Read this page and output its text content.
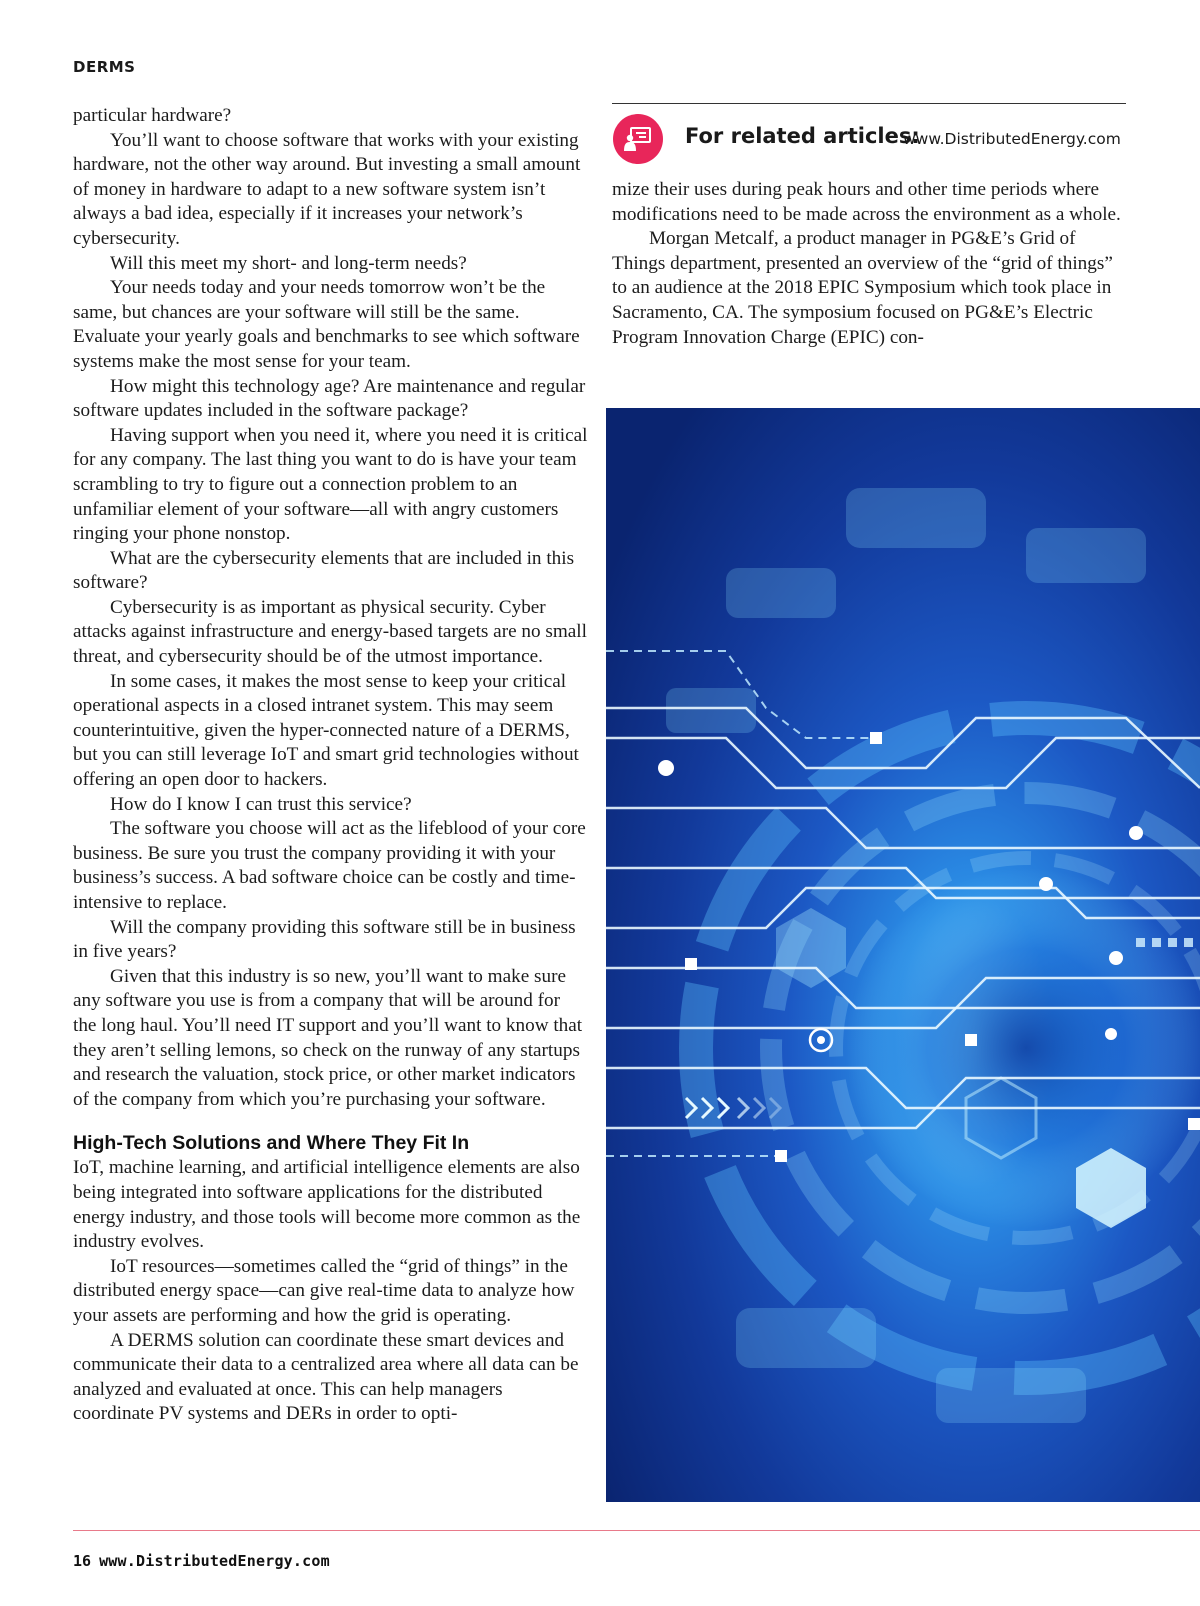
DERMS

particular hardware?

You’ll want to choose software that works with your existing hardware, not the other way around. But investing a small amount of money in hardware to adapt to a new software system isn’t always a bad idea, especially if it increases your network’s cybersecurity.

Will this meet my short- and long-term needs?

Your needs today and your needs tomorrow won’t be the same, but chances are your software will still be the same. Evaluate your yearly goals and benchmarks to see which software systems make the most sense for your team.

How might this technology age? Are maintenance and regular software updates included in the software package?

Having support when you need it, where you need it is critical for any company. The last thing you want to do is have your team scrambling to try to figure out a connection problem to an unfamiliar element of your software—all with angry customers ringing your phone nonstop.

What are the cybersecurity elements that are included in this software?

Cybersecurity is as important as physical security. Cyber attacks against infrastructure and energy-based targets are no small threat, and cybersecurity should be of the utmost importance.

In some cases, it makes the most sense to keep your critical operational aspects in a closed intranet system. This may seem counterintuitive, given the hyper-connected nature of a DERMS, but you can still leverage IoT and smart grid technologies without offering an open door to hackers.

How do I know I can trust this service?

The software you choose will act as the lifeblood of your core business. Be sure you trust the company providing it with your business’s success. A bad software choice can be costly and time-intensive to replace.

Will the company providing this software still be in business in five years?

Given that this industry is so new, you’ll want to make sure any software you use is from a company that will be around for the long haul. You’ll need IT support and you’ll want to know that they aren’t selling lemons, so check on the runway of any startups and research the valuation, stock price, or other market indicators of the company from which you’re purchasing your software.

High-Tech Solutions and Where They Fit In

IoT, machine learning, and artificial intelligence elements are also being integrated into software applications for the distributed energy industry, and those tools will become more common as the industry evolves.

IoT resources—sometimes called the “grid of things” in the distributed energy space—can give real-time data to analyze how your assets are performing and how the grid is operating.

A DERMS solution can coordinate these smart devices and communicate their data to a centralized area where all data can be analyzed and evaluated at once. This can help managers coordinate PV systems and DERs in order to opti-

For related articles:
www.DistributedEnergy.com

mize their uses during peak hours and other time periods where modifications need to be made across the environment as a whole.

Morgan Metcalf, a product manager in PG&E’s Grid of Things department, presented an overview of the “grid of things” to an audience at the 2018 EPIC Symposium which took place in Sacramento, CA. The symposium focused on PG&E’s Electric Program Innovation Charge (EPIC) con-

16 www.DistributedEnergy.com
